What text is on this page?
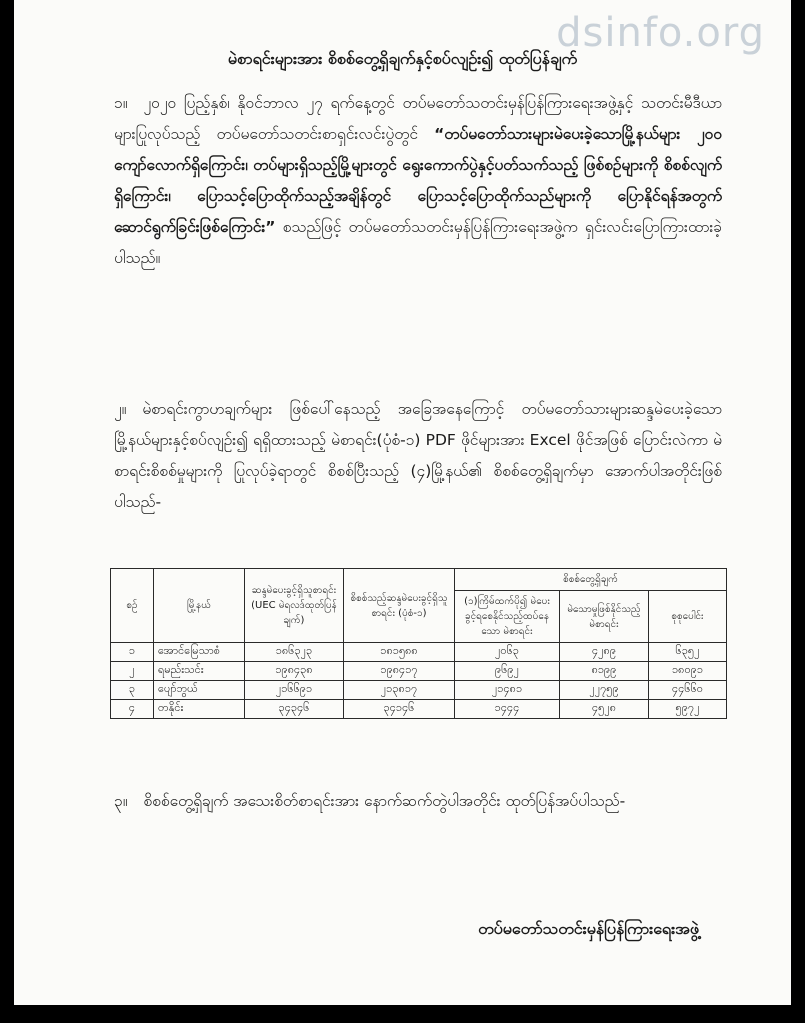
dsinfo.org
မဲစာရင်းများအား စိစစ်တွေ့ရှိချက်နှင့်စပ်လျဉ်း၍ ထုတ်ပြန်ချက်
၁။ ၂၀၂၀ ပြည့်နှစ်၊ နိုဝင်ဘာလ ၂၇ ရက်နေ့တွင် တပ်မတော်သတင်းမှန်ပြန်ကြားရေးအဖွဲ့နှင့် သတင်းမီဒီယာများပြုလုပ်သည့် တပ်မတော်သတင်းစာရှင်းလင်းပွဲတွင် “တပ်မတော်သားများမဲပေးခဲ့သောမြို့နယ်များ ၂၀၀ ကျော်လောက်ရှိကြောင်း၊ တပ်များရှိသည့်မြို့များတွင် ရွေးကောက်ပွဲနှင့်ပတ်သက်သည့် ဖြစ်စဉ်များကို စိစစ်လျက်ရှိကြောင်း၊ ပြောသင့်ပြောထိုက်သည့်အချိန်တွင် ပြောသင့်ပြောထိုက်သည်များကို ပြောနိုင်ရန်အတွက် ဆောင်ရွက်ခြင်းဖြစ်ကြောင်း” စသည်ဖြင့် တပ်မတော်သတင်းမှန်ပြန်ကြားရေးအဖွဲ့က ရှင်းလင်းပြောကြားထားခဲ့ပါသည်။
၂။ မဲစာရင်းကွာဟချက်များ ဖြစ်ပေါ်နေသည့် အခြေအနေကြောင့် တပ်မတော်သားများဆန္ဒမဲပေးခဲ့သော မြို့နယ်များနှင့်စပ်လျဉ်း၍ ရရှိထားသည့် မဲစာရင်း(ပုံစံ-၁) PDF ဖိုင်များအား Excel ဖိုင်အဖြစ် ပြောင်းလဲကာ မဲစာရင်းစိစစ်မှုများကို ပြုလုပ်ခဲ့ရာတွင် စိစစ်ပြီးသည့် (၄)မြို့နယ်၏ စိစစ်တွေ့ရှိချက်မှာ အောက်ပါအတိုင်းဖြစ်ပါသည်-
စဉ်	မြို့နယ်	ဆန္ဒမဲပေးခွင့်ရှိသူစာရင်း (UEC မဲရလဒ်ထုတ်ပြန်ချက်)	စိစစ်သည့်ဆန္ဒမဲပေးခွင့်ရှိသူစာရင်း (ပုံစံ-၁)	စိစစ်တွေ့ရှိချက်		
				(၁)ကြိမ်ထက်ပို၍ မဲပေးခွင့်ရစေနိုင်သည့်ထပ်နေသော မဲစာရင်း	မဲသောမှုဖြစ်နိုင်သည့် မဲစာရင်း	စုစုပေါင်း
၁	အောင်မြေသာစံ	၁၈၆၃၂၃	၁၈၁၅၈၈	၂၀၆၃	၄၂၈၉	၆၃၅၂
၂	ရမည်းသင်း	၁၉၈၄၃၈	၁၉၈၄၁၇	၉၆၉၂	၈၁၉၉	၁၈၀၉၁
၃	ပျော်ဘွယ်	၂၁၆၆၉၁	၂၁၃၈၁၇	၂၁၄၈၁	၂၂၇၅၉	၄၄၆၆၀
၄	တနိုင်း	၃၄၃၄၆	၃၄၁၄၆	၁၄၄၄	၄၅၂၈	၅၉၇၂
၃။ စိစစ်တွေ့ရှိချက် အသေးစိတ်စာရင်းအား နောက်ဆက်တွဲပါအတိုင်း ထုတ်ပြန်အပ်ပါသည်-
တပ်မတော်သတင်းမှန်ပြန်ကြားရေးအဖွဲ့
